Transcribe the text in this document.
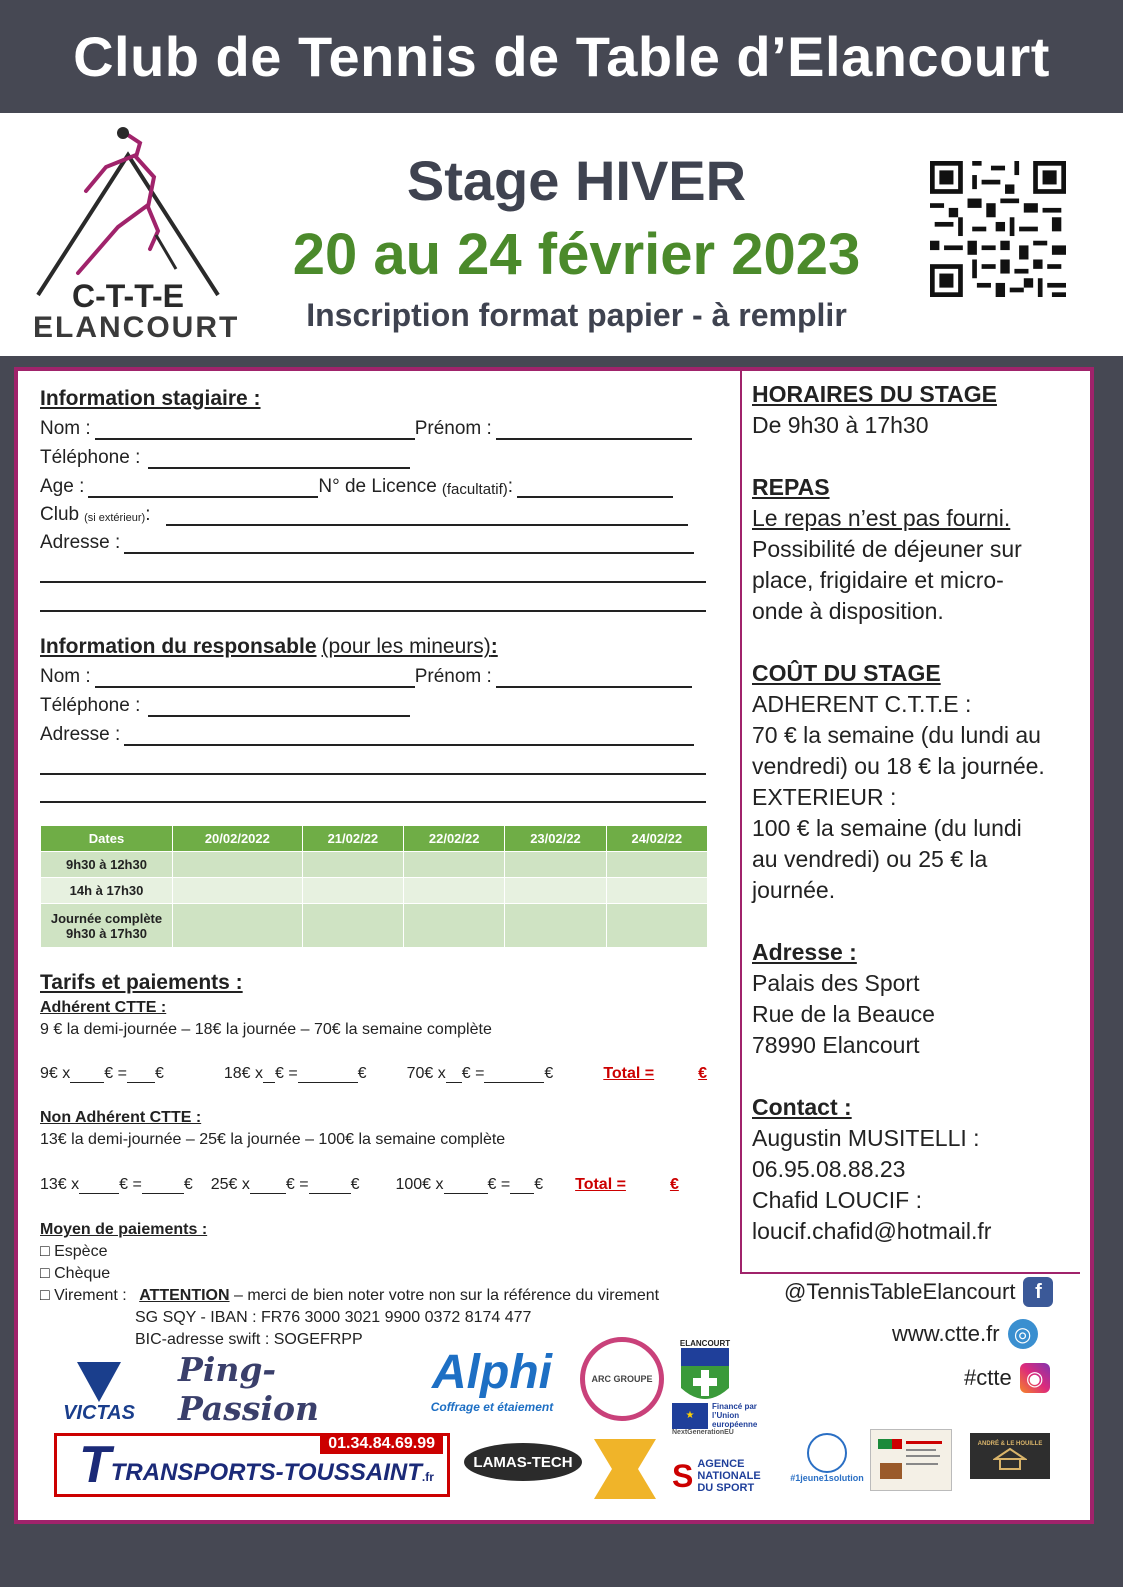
Club de Tennis de Table d’Elancourt
C-T-T-E
ELANCOURT
Stage HIVER
20 au 24 février 2023
Inscription format papier - à remplir
Information stagiaire :
Nom :	Prénom :
Téléphone :
Age :	N° de Licence (facultatif) :
Club (si extérieur) :
Adresse :
Information du responsable (pour les mineurs) :
Nom :	Prénom :
Téléphone :
Adresse :
Dates	20/02/2022	21/02/22	22/02/22	23/02/22	24/02/22
9h30 à 12h30					
14h à 17h30					
Journée complète
9h30 à 17h30					
Tarifs et paiements :
Adhérent CTTE :
9 € la demi-journée – 18€ la journée – 70€ la semaine complète
9€ x € = €	18€ x € =	€	70€ x € =	€	Total =	€
Non Adhérent CTTE :
13€ la demi-journée – 25€ la journée – 100€ la semaine complète
13€ x	€ =	€ 25€ x € =	€ 100€ x	€ = € Total =	€
Moyen de paiements :
□ Espèce
□ Chèque
□ Virement : ATTENTION – merci de bien noter votre non sur la référence du virement
SG SQY - IBAN : FR76 3000 3021 9900 0372 8174 477
BIC-adresse swift : SOGEFRPP
HORAIRES DU STAGE
De 9h30 à 17h30
REPAS
Le repas n’est pas fourni.
Possibilité de déjeuner sur
place, frigidaire et micro-
onde à disposition.
COÛT DU STAGE
ADHERENT C.T.T.E :
70 € la semaine (du lundi au
vendredi) ou 18 € la journée.
EXTERIEUR :
100 € la semaine (du lundi
au vendredi) ou 25 € la
journée.
Adresse :
Palais des Sport
Rue de la Beauce
78990 Elancourt
Contact :
Augustin MUSITELLI :
06.95.08.88.23
Chafid LOUCIF :
loucif.chafid@hotmail.fr
@TennisTableElancourt f
www.ctte.fr ◎
#ctte ◉
VICTAS
Ping-Passion
Alphi
Coffrage et étaiement
ARC GROUPE
ELANCOURT
01.34.84.69.99
T TRANSPORTS-TOUSSAINT .fr
LAMAS-TECH
★
Financé par l’Union européenne
NextGenerationEU
S AGENCE
NATIONALE
DU SPORT
#1jeune1solution
ANDRÉ & LE HOUILLE
